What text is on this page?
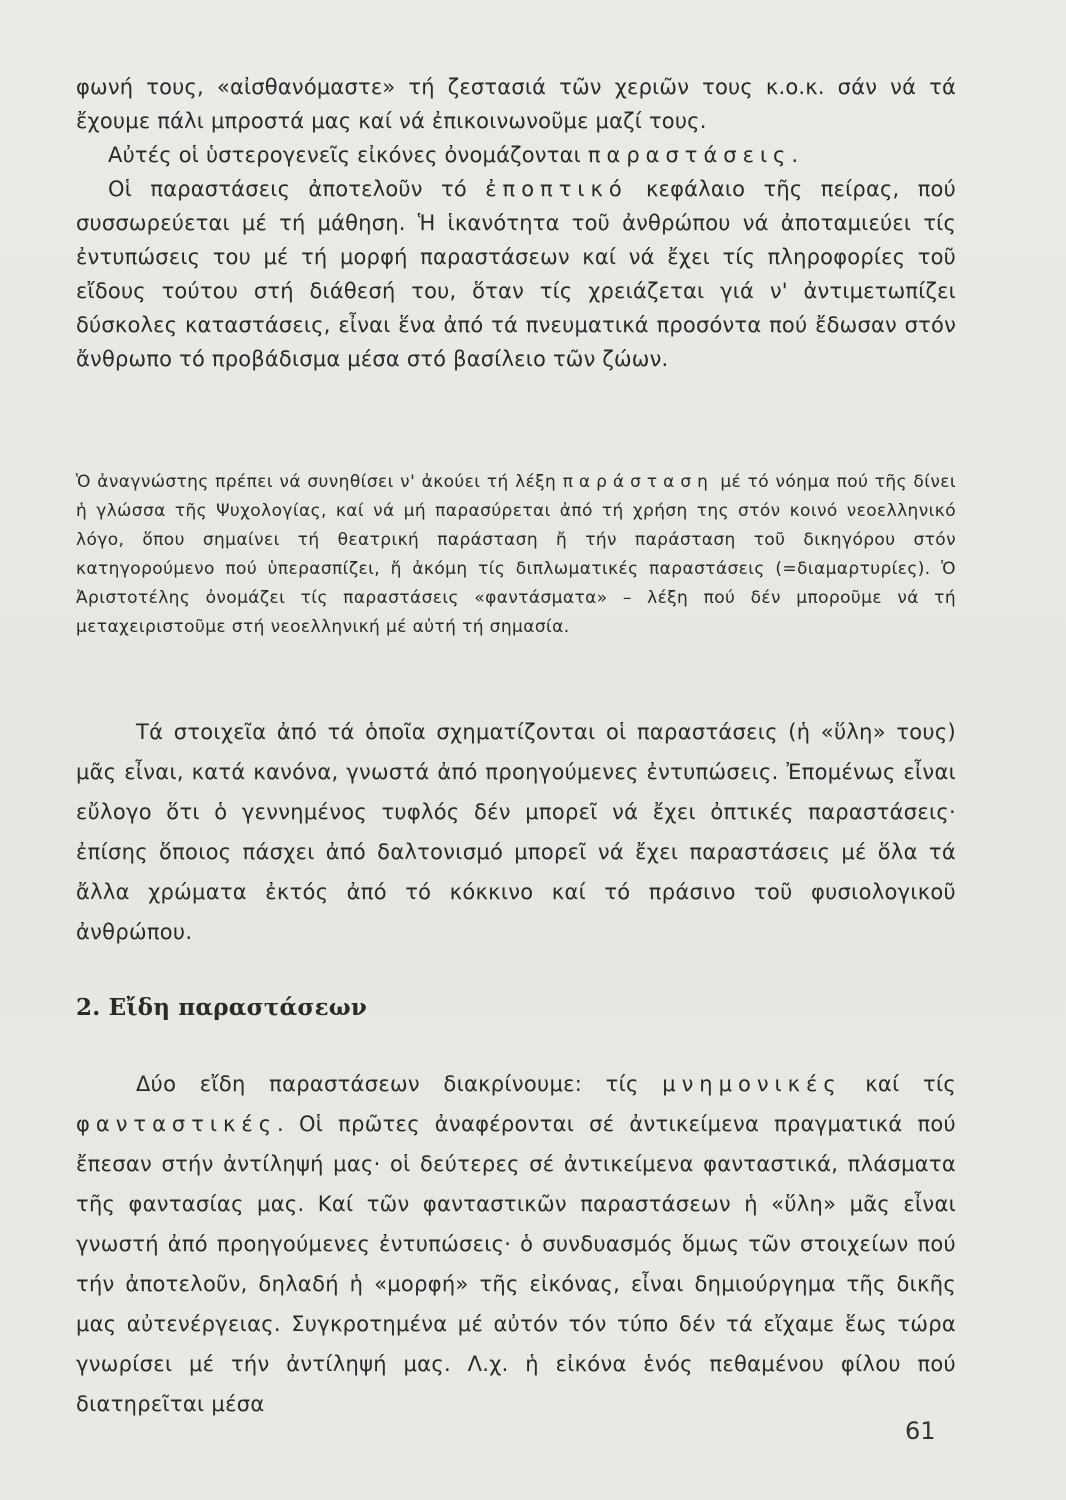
φωνή τους, «αἰσθανόμαστε» τή ζεστασιά τῶν χεριῶν τους κ.ο.κ. σάν νά τά ἔχουμε πάλι μπροστά μας καί νά ἐπικοινωνοῦμε μαζί τους.

Αὐτές οἱ ὑστερογενεῖς εἰκόνες ὀνομάζονται παραστάσεις.

Οἱ παραστάσεις ἀποτελοῦν τό ἐποπτικό κεφάλαιο τῆς πείρας, πού συσσωρεύεται μέ τή μάθηση. Ἡ ἱκανότητα τοῦ ἀνθρώπου νά ἀποταμιεύει τίς ἐντυπώσεις του μέ τή μορφή παραστάσεων καί νά ἔχει τίς πληροφορίες τοῦ εἴδους τούτου στή διάθεσή του, ὅταν τίς χρειάζεται γιά ν' ἀντιμετωπίζει δύσκολες καταστάσεις, εἶναι ἕνα ἀπό τά πνευματικά προσόντα πού ἔδωσαν στόν ἄνθρωπο τό προβάδισμα μέσα στό βασίλειο τῶν ζώων.

Ὁ ἀναγνώστης πρέπει νά συνηθίσει ν' ἀκούει τή λέξη παράσταση μέ τό νόημα πού τῆς δίνει ἡ γλώσσα τῆς Ψυχολογίας, καί νά μή παρασύρεται ἀπό τή χρήση της στόν κοινό νεοελληνικό λόγο, ὅπου σημαίνει τή θεατρική παράσταση ἤ τήν παράσταση τοῦ δικηγόρου στόν κατηγορούμενο πού ὑπερασπίζει, ἤ ἀκόμη τίς διπλωματικές παραστάσεις (=διαμαρτυρίες). Ὁ Ἀριστοτέλης ὀνομάζει τίς παραστάσεις «φαντάσματα» – λέξη πού δέν μποροῦμε νά τή μεταχειριστοῦμε στή νεοελληνική μέ αὐτή τή σημασία.

Τά στοιχεῖα ἀπό τά ὁποῖα σχηματίζονται οἱ παραστάσεις (ἡ «ὕλη» τους) μᾶς εἶναι, κατά κανόνα, γνωστά ἀπό προηγούμενες ἐντυπώσεις. Ἐπομένως εἶναι εὔλογο ὅτι ὁ γεννημένος τυφλός δέν μπορεῖ νά ἔχει ὀπτικές παραστάσεις· ἐπίσης ὅποιος πάσχει ἀπό δαλτονισμό μπορεῖ νά ἔχει παραστάσεις μέ ὅλα τά ἄλλα χρώματα ἐκτός ἀπό τό κόκκινο καί τό πράσινο τοῦ φυσιολογικοῦ ἀνθρώπου.

2. Εἴδη παραστάσεων

Δύο εἴδη παραστάσεων διακρίνουμε: τίς μνημονικές καί τίς φανταστικές. Οἱ πρῶτες ἀναφέρονται σέ ἀντικείμενα πραγματικά πού ἔπεσαν στήν ἀντίληψή μας· οἱ δεύτερες σέ ἀντικείμενα φανταστικά, πλάσματα τῆς φαντασίας μας. Καί τῶν φανταστικῶν παραστάσεων ἡ «ὕλη» μᾶς εἶναι γνωστή ἀπό προηγούμενες ἐντυπώσεις· ὁ συνδυασμός ὅμως τῶν στοιχείων πού τήν ἀποτελοῦν, δηλαδή ἡ «μορφή» τῆς εἰκόνας, εἶναι δημιούργημα τῆς δικῆς μας αὐτενέργειας. Συγκροτημένα μέ αὐτόν τόν τύπο δέν τά εἴχαμε ἕως τώρα γνωρίσει μέ τήν ἀντίληψή μας. Λ.χ. ἡ εἰκόνα ἑνός πεθαμένου φίλου πού διατηρεῖται μέσα

61
